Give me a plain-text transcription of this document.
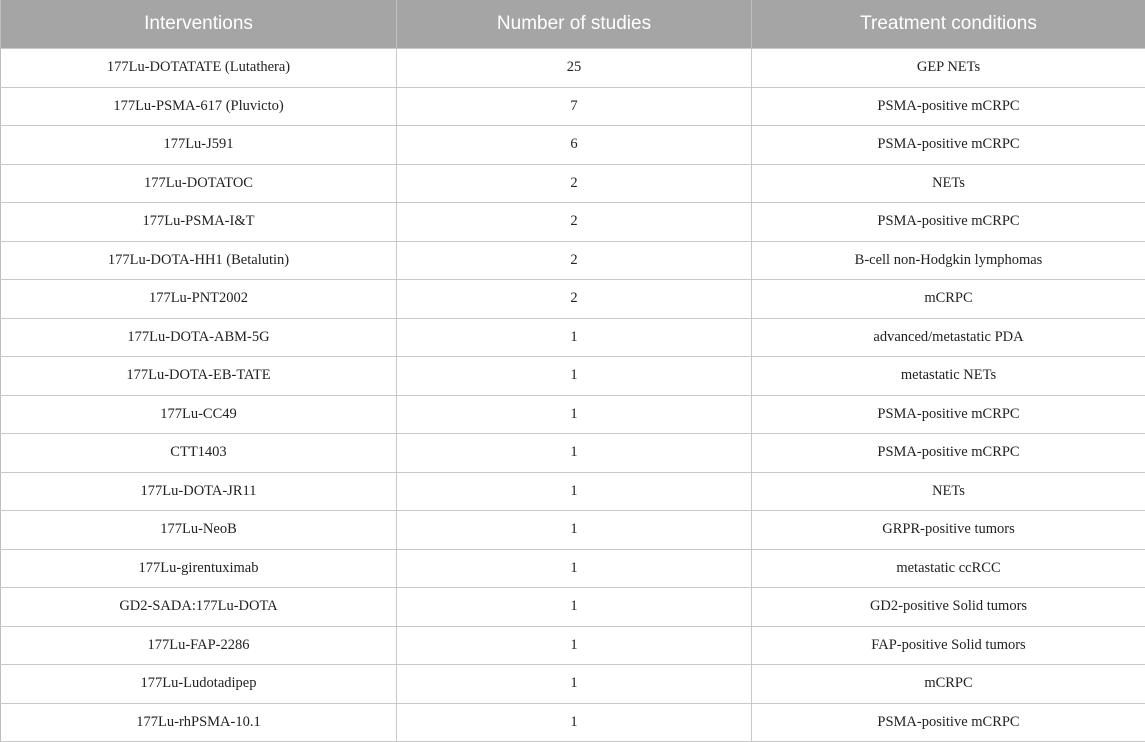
Interventions	Number of studies	Treatment conditions
177Lu-DOTATATE (Lutathera)	25	GEP NETs
177Lu-PSMA-617 (Pluvicto)	7	PSMA-positive mCRPC
177Lu-J591	6	PSMA-positive mCRPC
177Lu-DOTATOC	2	NETs
177Lu-PSMA-I&T	2	PSMA-positive mCRPC
177Lu-DOTA-HH1 (Betalutin)	2	B-cell non-Hodgkin lymphomas
177Lu-PNT2002	2	mCRPC
177Lu-DOTA-ABM-5G	1	advanced/metastatic PDA
177Lu-DOTA-EB-TATE	1	metastatic NETs
177Lu-CC49	1	PSMA-positive mCRPC
CTT1403	1	PSMA-positive mCRPC
177Lu-DOTA-JR11	1	NETs
177Lu-NeoB	1	GRPR-positive tumors
177Lu-girentuximab	1	metastatic ccRCC
GD2-SADA:177Lu-DOTA	1	GD2-positive Solid tumors
177Lu-FAP-2286	1	FAP-positive Solid tumors
177Lu-Ludotadipep	1	mCRPC
177Lu-rhPSMA-10.1	1	PSMA-positive mCRPC
